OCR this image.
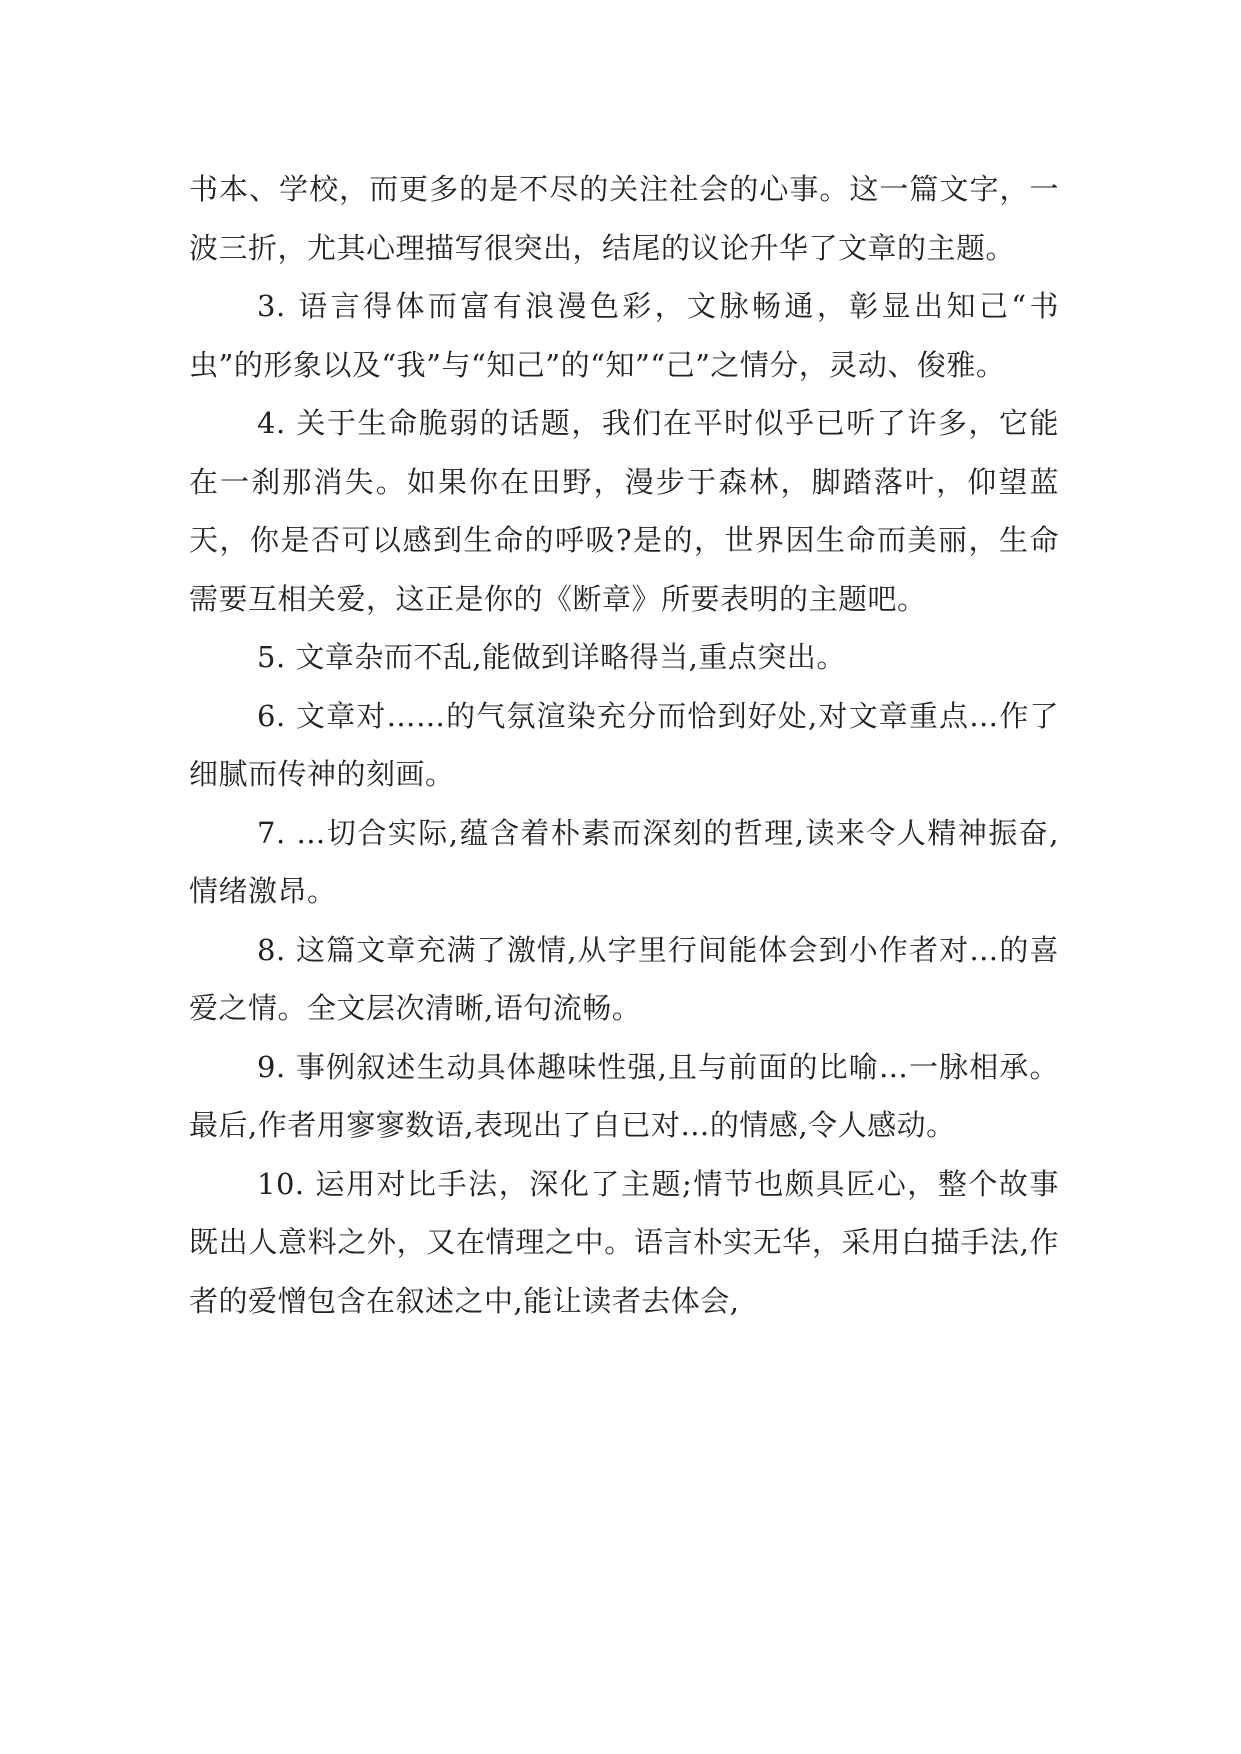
书本、学校，而更多的是不尽的关注社会的心事。这一篇文字，一波三折，尤其心理描写很突出，结尾的议论升华了文章的主题。

3. 语言得体而富有浪漫色彩，文脉畅通，彰显出知己“书虫”的形象以及“我”与“知己”的“知”“己”之情分，灵动、俊雅。

4. 关于生命脆弱的话题，我们在平时似乎已听了许多，它能在一刹那消失。如果你在田野，漫步于森林，脚踏落叶，仰望蓝天，你是否可以感到生命的呼吸?是的，世界因生命而美丽，生命需要互相关爱，这正是你的《断章》所要表明的主题吧。

5. 文章杂而不乱,能做到详略得当,重点突出。

6. 文章对……的气氛渲染充分而恰到好处,对文章重点…作了细腻而传神的刻画。

7. …切合实际,蕴含着朴素而深刻的哲理,读来令人精神振奋,情绪激昂。

8. 这篇文章充满了激情,从字里行间能体会到小作者对…的喜爱之情。全文层次清晰,语句流畅。

9. 事例叙述生动具体趣味性强,且与前面的比喻…一脉相承。最后,作者用寥寥数语,表现出了自已对…的情感,令人感动。

10. 运用对比手法，深化了主题;情节也颇具匠心，整个故事既出人意料之外，又在情理之中。语言朴实无华，采用白描手法,作者的爱憎包含在叙述之中,能让读者去体会,
